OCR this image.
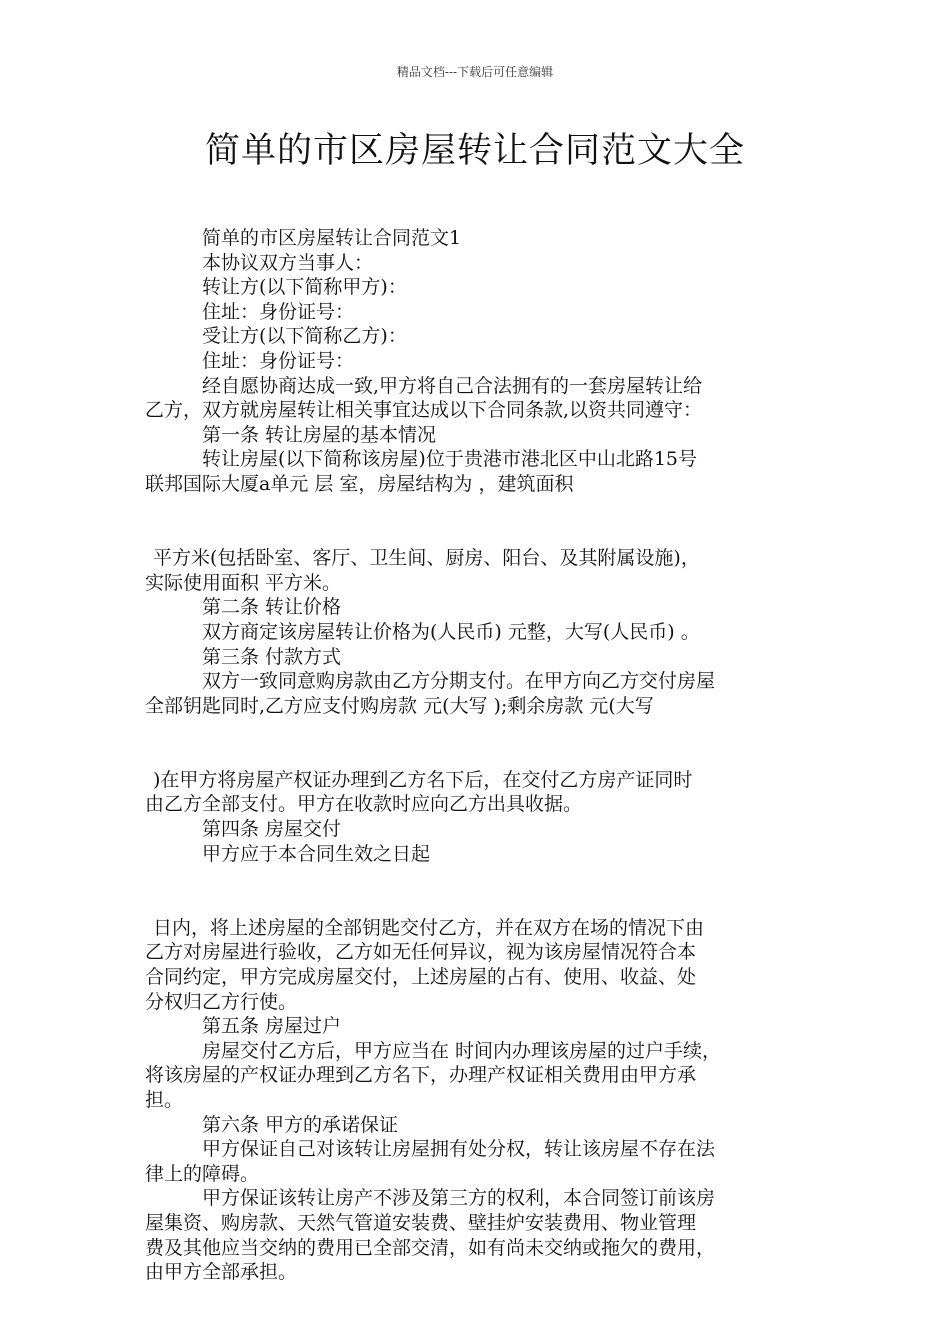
精品文档---下载后可任意编辑
简单的市区房屋转让合同范文大全
简单的市区房屋转让合同范文1
本协议双方当事人：
转让方(以下简称甲方)：
住址：身份证号：
受让方(以下简称乙方)：
住址：身份证号：
经自愿协商达成一致,甲方将自己合法拥有的一套房屋转让给
乙方，双方就房屋转让相关事宜达成以下合同条款,以资共同遵守：
第一条 转让房屋的基本情况
转让房屋(以下简称该房屋)位于贵港市港北区中山北路15号
联邦国际大厦a单元 层 室，房屋结构为 ，建筑面积
平方米(包括卧室、客厅、卫生间、厨房、阳台、及其附属设施)，
实际使用面积 平方米。
第二条 转让价格
双方商定该房屋转让价格为(人民币) 元整，大写(人民币) 。
第三条 付款方式
双方一致同意购房款由乙方分期支付。在甲方向乙方交付房屋
全部钥匙同时,乙方应支付购房款 元(大写 );剩余房款 元(大写
)在甲方将房屋产权证办理到乙方名下后，在交付乙方房产证同时
由乙方全部支付。甲方在收款时应向乙方出具收据。
第四条 房屋交付
甲方应于本合同生效之日起
日内，将上述房屋的全部钥匙交付乙方，并在双方在场的情况下由
乙方对房屋进行验收，乙方如无任何异议，视为该房屋情况符合本
合同约定，甲方完成房屋交付，上述房屋的占有、使用、收益、处
分权归乙方行使。
第五条 房屋过户
房屋交付乙方后，甲方应当在 时间内办理该房屋的过户手续，
将该房屋的产权证办理到乙方名下，办理产权证相关费用由甲方承
担。
第六条 甲方的承诺保证
甲方保证自己对该转让房屋拥有处分权，转让该房屋不存在法
律上的障碍。
甲方保证该转让房产不涉及第三方的权利，本合同签订前该房
屋集资、购房款、天然气管道安装费、壁挂炉安装费用、物业管理
费及其他应当交纳的费用已全部交清，如有尚未交纳或拖欠的费用，
由甲方全部承担。
